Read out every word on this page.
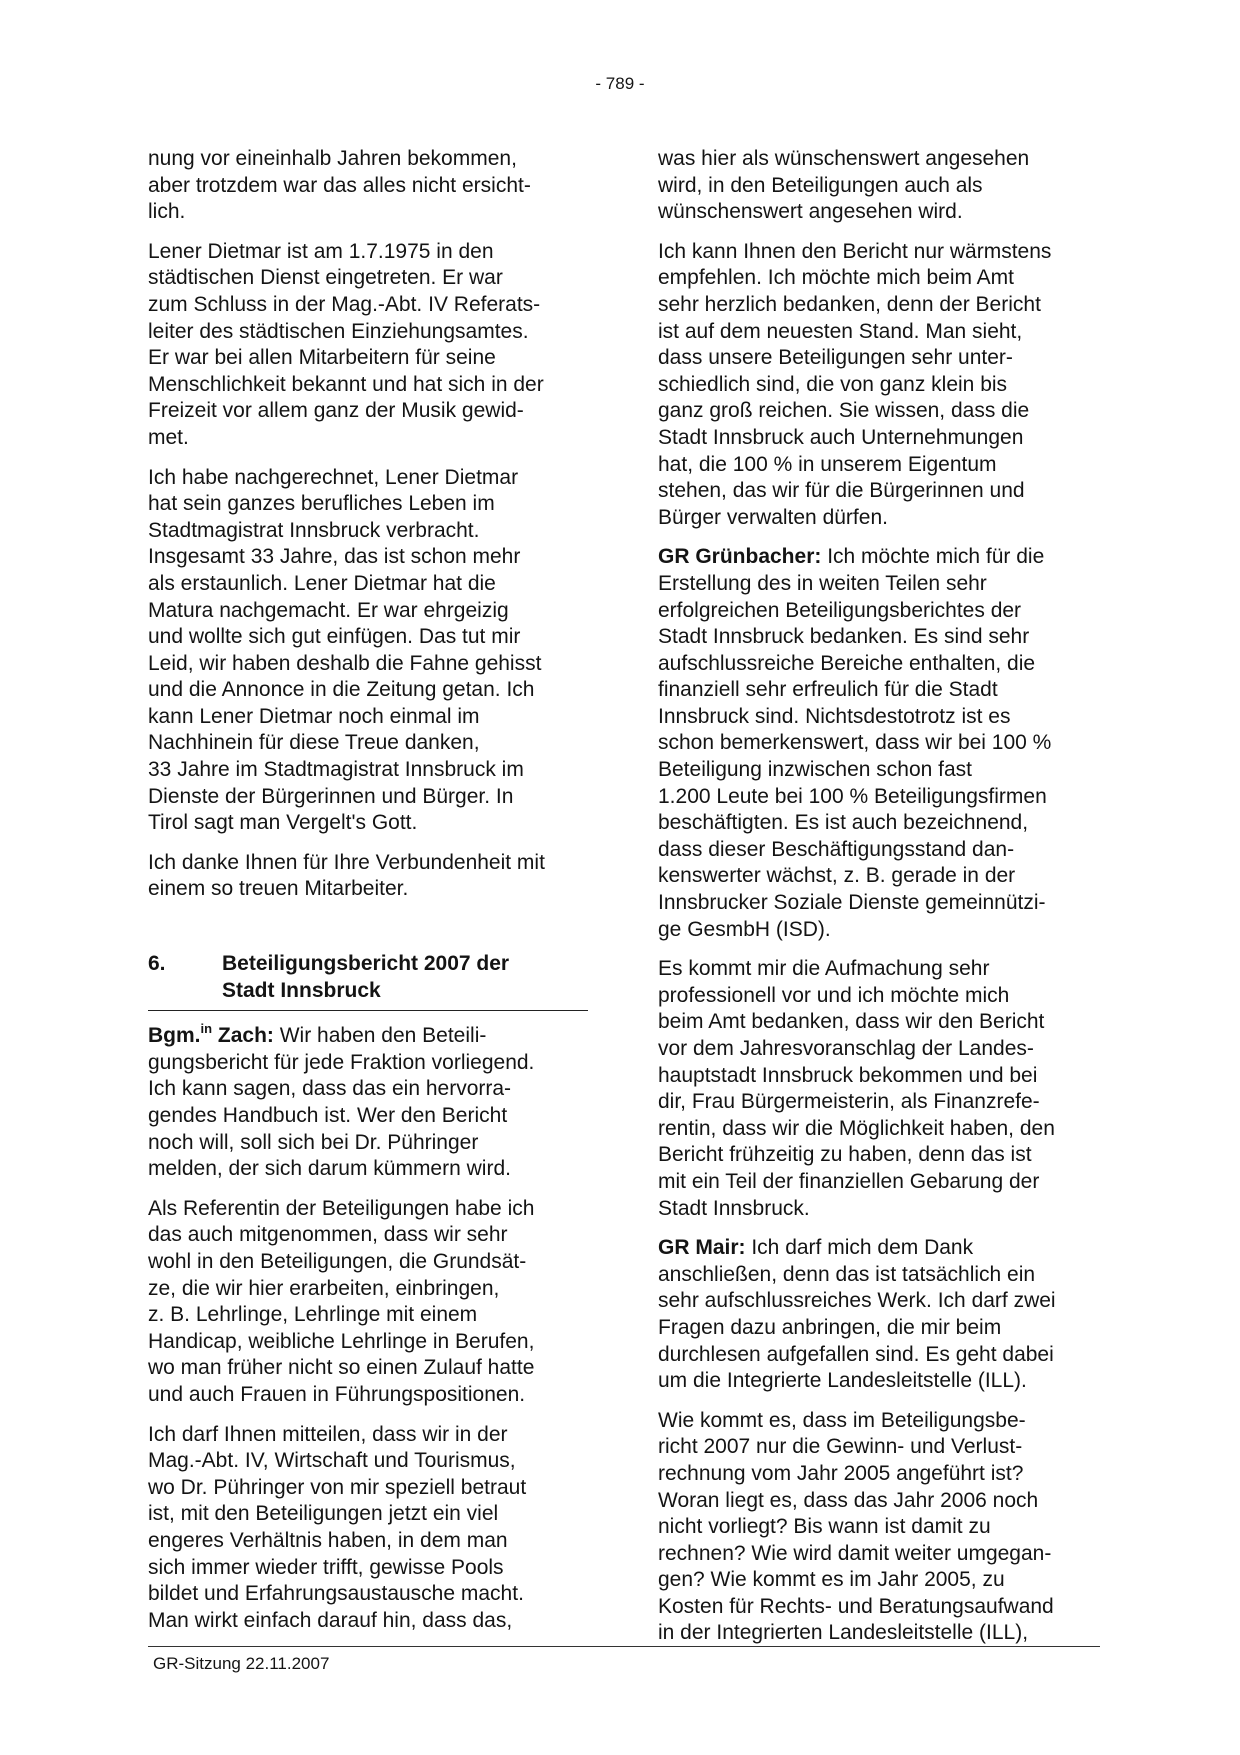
- 789 -

nung vor eineinhalb Jahren bekommen,
aber trotzdem war das alles nicht ersicht-
lich.

Lener Dietmar ist am 1.7.1975 in den
städtischen Dienst eingetreten. Er war
zum Schluss in der Mag.-Abt. IV Referats-
leiter des städtischen Einziehungsamtes.
Er war bei allen Mitarbeitern für seine
Menschlichkeit bekannt und hat sich in der
Freizeit vor allem ganz der Musik gewid-
met.

Ich habe nachgerechnet, Lener Dietmar
hat sein ganzes berufliches Leben im
Stadtmagistrat Innsbruck verbracht.
Insgesamt 33 Jahre, das ist schon mehr
als erstaunlich. Lener Dietmar hat die
Matura nachgemacht. Er war ehrgeizig
und wollte sich gut einfügen. Das tut mir
Leid, wir haben deshalb die Fahne gehisst
und die Annonce in die Zeitung getan. Ich
kann Lener Dietmar noch einmal im
Nachhinein für diese Treue danken,
33 Jahre im Stadtmagistrat Innsbruck im
Dienste der Bürgerinnen und Bürger. In
Tirol sagt man Vergelt's Gott.

Ich danke Ihnen für Ihre Verbundenheit mit
einem so treuen Mitarbeiter.

6.	Beteiligungsbericht 2007 der
Stadt Innsbruck

Bgm.$^{in}$ Zach: Wir haben den Beteili-
gungsbericht für jede Fraktion vorliegend.
Ich kann sagen, dass das ein hervorra-
gendes Handbuch ist. Wer den Bericht
noch will, soll sich bei Dr. Pühringer
melden, der sich darum kümmern wird.

Als Referentin der Beteiligungen habe ich
das auch mitgenommen, dass wir sehr
wohl in den Beteiligungen, die Grundsät-
ze, die wir hier erarbeiten, einbringen,
z. B. Lehrlinge, Lehrlinge mit einem
Handicap, weibliche Lehrlinge in Berufen,
wo man früher nicht so einen Zulauf hatte
und auch Frauen in Führungspositionen.

Ich darf Ihnen mitteilen, dass wir in der
Mag.-Abt. IV, Wirtschaft und Tourismus,
wo Dr. Pühringer von mir speziell betraut
ist, mit den Beteiligungen jetzt ein viel
engeres Verhältnis haben, in dem man
sich immer wieder trifft, gewisse Pools
bildet und Erfahrungsaustausche macht.
Man wirkt einfach darauf hin, dass das,

was hier als wünschenswert angesehen
wird, in den Beteiligungen auch als
wünschenswert angesehen wird.

Ich kann Ihnen den Bericht nur wärmstens
empfehlen. Ich möchte mich beim Amt
sehr herzlich bedanken, denn der Bericht
ist auf dem neuesten Stand. Man sieht,
dass unsere Beteiligungen sehr unter-
schiedlich sind, die von ganz klein bis
ganz groß reichen. Sie wissen, dass die
Stadt Innsbruck auch Unternehmungen
hat, die 100 % in unserem Eigentum
stehen, das wir für die Bürgerinnen und
Bürger verwalten dürfen.

GR Grünbacher: Ich möchte mich für die
Erstellung des in weiten Teilen sehr
erfolgreichen Beteiligungsberichtes der
Stadt Innsbruck bedanken. Es sind sehr
aufschlussreiche Bereiche enthalten, die
finanziell sehr erfreulich für die Stadt
Innsbruck sind. Nichtsdestotrotz ist es
schon bemerkenswert, dass wir bei 100 %
Beteiligung inzwischen schon fast
1.200 Leute bei 100 % Beteiligungsfirmen
beschäftigten. Es ist auch bezeichnend,
dass dieser Beschäftigungsstand dan-
kenswerter wächst, z. B. gerade in der
Innsbrucker Soziale Dienste gemeinnützi-
ge GesmbH (ISD).

Es kommt mir die Aufmachung sehr
professionell vor und ich möchte mich
beim Amt bedanken, dass wir den Bericht
vor dem Jahresvoranschlag der Landes-
hauptstadt Innsbruck bekommen und bei
dir, Frau Bürgermeisterin, als Finanzrefe-
rentin, dass wir die Möglichkeit haben, den
Bericht frühzeitig zu haben, denn das ist
mit ein Teil der finanziellen Gebarung der
Stadt Innsbruck.

GR Mair: Ich darf mich dem Dank
anschließen, denn das ist tatsächlich ein
sehr aufschlussreiches Werk. Ich darf zwei
Fragen dazu anbringen, die mir beim
durchlesen aufgefallen sind. Es geht dabei
um die Integrierte Landesleitstelle (ILL).

Wie kommt es, dass im Beteiligungsbe-
richt 2007 nur die Gewinn- und Verlust-
rechnung vom Jahr 2005 angeführt ist?
Woran liegt es, dass das Jahr 2006 noch
nicht vorliegt? Bis wann ist damit zu
rechnen? Wie wird damit weiter umgegan-
gen? Wie kommt es im Jahr 2005, zu
Kosten für Rechts- und Beratungsaufwand
in der Integrierten Landesleitstelle (ILL),

GR-Sitzung 22.11.2007
